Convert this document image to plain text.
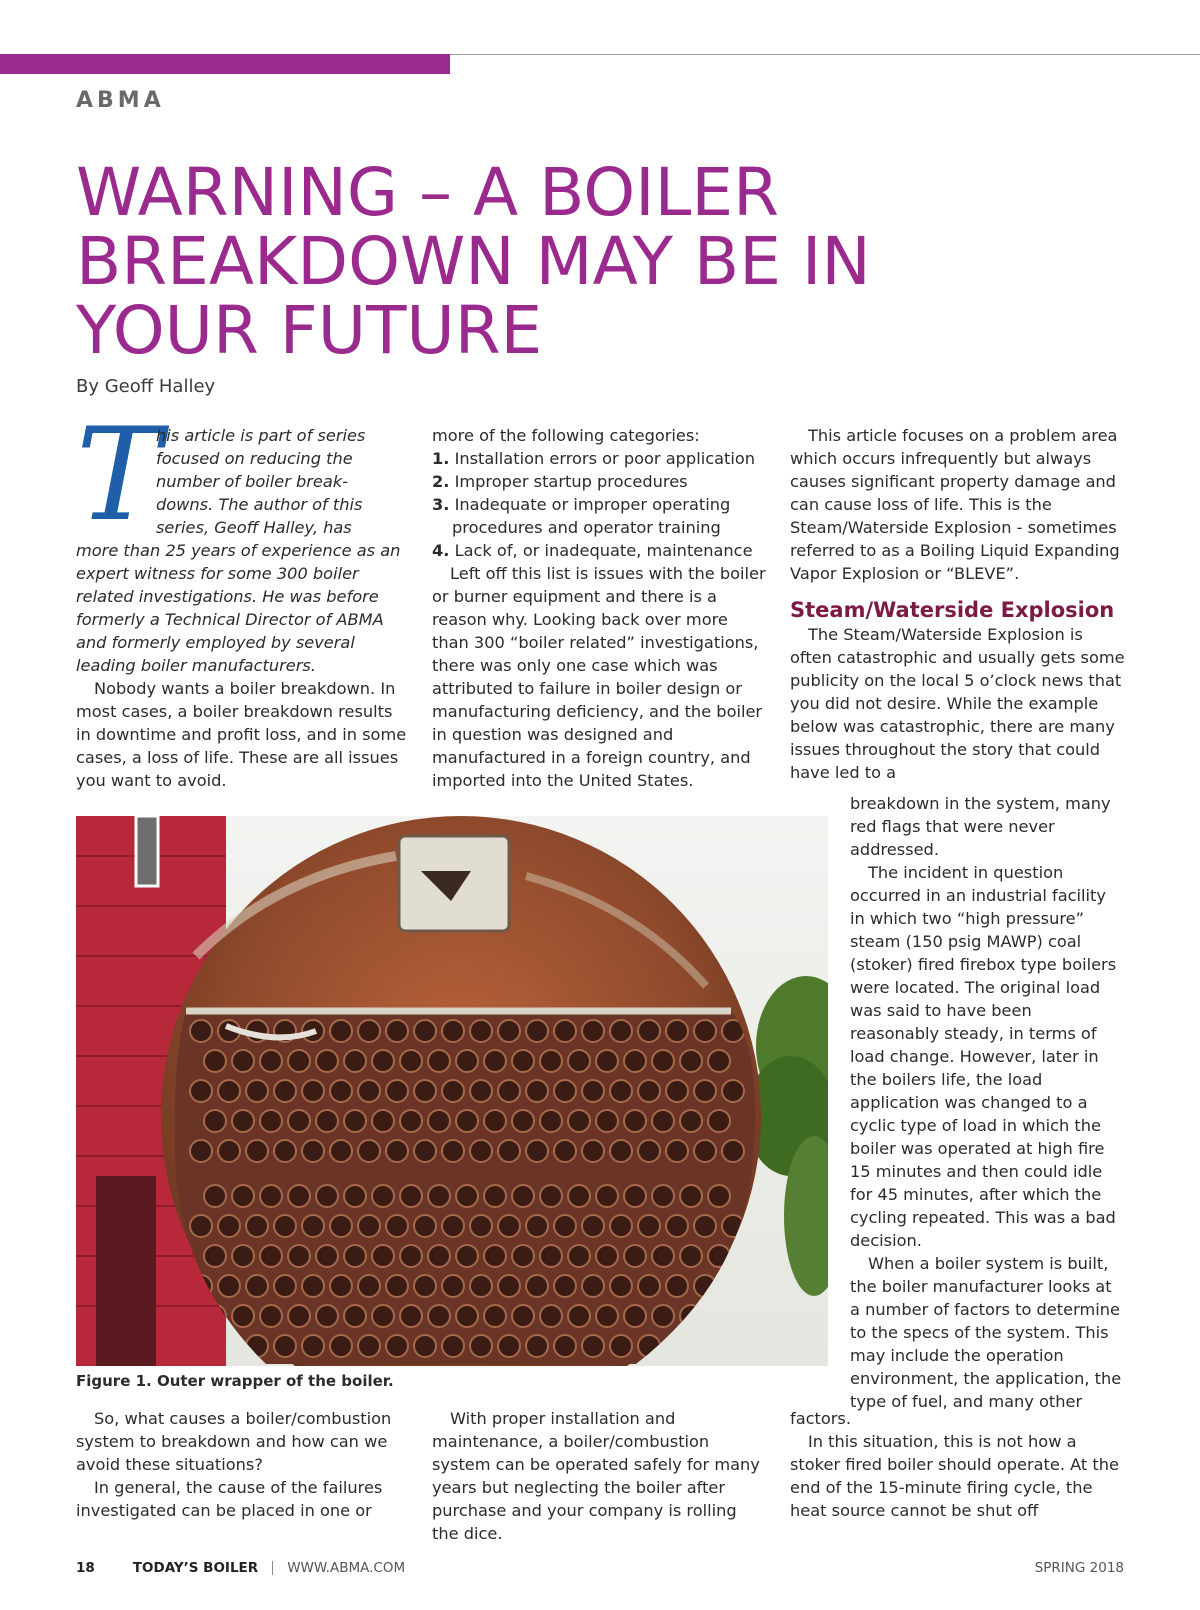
ABMA
WARNING – A BOILER
BREAKDOWN MAY BE IN
YOUR FUTURE
By Geoff Halley
T
his article is part of series
focused on reducing the
number of boiler break-
downs. The author of this
series, Geoff Halley, has
more than 25 years of experience as an expert witness for some 300 boiler related investigations. He was before formerly a Technical Director of ABMA and formerly employed by several leading boiler manufacturers.

Nobody wants a boiler breakdown. In most cases, a boiler breakdown results in downtime and profit loss, and in some cases, a loss of life. These are all issues you want to avoid.

more of the following categories:

1. Installation errors or poor application
2. Improper startup procedures
3. Inadequate or improper operating procedures and operator training
4. Lack of, or inadequate, maintenance

Left off this list is issues with the boiler or burner equipment and there is a reason why. Looking back over more than 300 “boiler related” investigations, there was only one case which was attributed to failure in boiler design or manufacturing deficiency, and the boiler in question was designed and manufactured in a foreign country, and imported into the United States.

This article focuses on a problem area which occurs infrequently but always causes significant property damage and can cause loss of life. This is the Steam/Waterside Explosion - sometimes referred to as a Boiling Liquid Expanding Vapor Explosion or “BLEVE”.

Steam/Waterside Explosion

The Steam/Waterside Explosion is often catastrophic and usually gets some publicity on the local 5 o’clock news that you did not desire. While the example below was catastrophic, there are many issues throughout the story that could have led to a

breakdown in the system, many red flags that were never addressed.

The incident in question occurred in an industrial facility in which two “high pressure” steam (150 psig MAWP) coal (stoker) fired firebox type boilers were located. The original load was said to have been reasonably steady, in terms of load change. However, later in the boilers life, the load application was changed to a cyclic type of load in which the boiler was operated at high fire 15 minutes and then could idle for 45 minutes, after which the cycling repeated. This was a bad decision.

When a boiler system is built, the boiler manufacturer looks at a number of factors to determine to the specs of the system. This may include the operation environment, the application, the type of fuel, and many other

factors.

In this situation, this is not how a stoker fired boiler should operate. At the end of the 15-minute firing cycle, the heat source cannot be shut off

Figure 1. Outer wrapper of the boiler.

So, what causes a boiler/combustion system to breakdown and how can we avoid these situations?

In general, the cause of the failures investigated can be placed in one or

With proper installation and maintenance, a boiler/combustion system can be operated safely for many years but neglecting the boiler after purchase and your company is rolling the dice.

18	TODAY’S BOILER WWW.ABMA.COM	SPRING 2018
